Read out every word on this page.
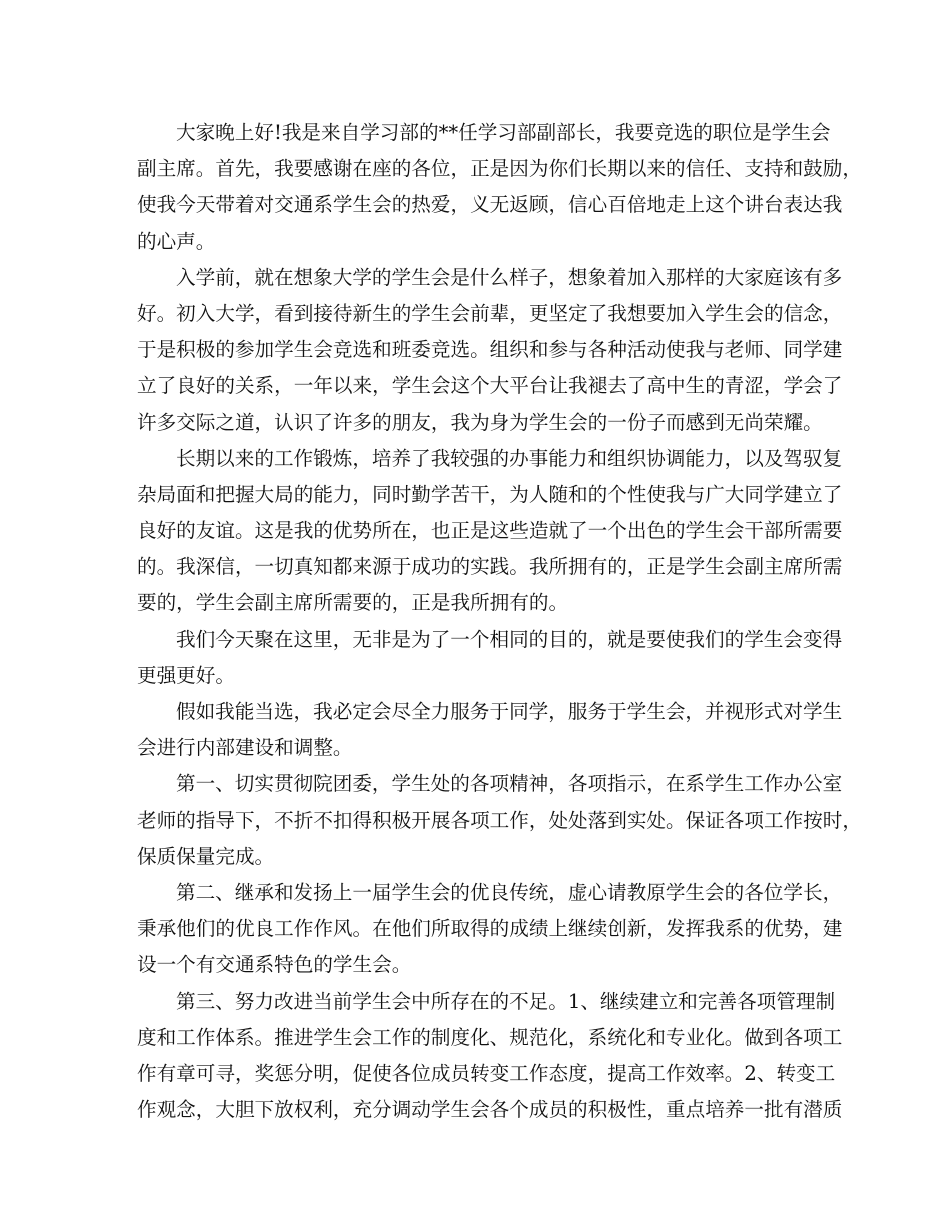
大家晚上好!我是来自学习部的**任学习部副部长，我要竞选的职位是学生会
副主席。首先，我要感谢在座的各位，正是因为你们长期以来的信任、支持和鼓励，
使我今天带着对交通系学生会的热爱，义无返顾，信心百倍地走上这个讲台表达我
的心声。
入学前，就在想象大学的学生会是什么样子，想象着加入那样的大家庭该有多
好。初入大学，看到接待新生的学生会前辈，更坚定了我想要加入学生会的信念，
于是积极的参加学生会竞选和班委竞选。组织和参与各种活动使我与老师、同学建
立了良好的关系，一年以来，学生会这个大平台让我褪去了高中生的青涩，学会了
许多交际之道，认识了许多的朋友，我为身为学生会的一份子而感到无尚荣耀。
长期以来的工作锻炼，培养了我较强的办事能力和组织协调能力，以及驾驭复
杂局面和把握大局的能力，同时勤学苦干，为人随和的个性使我与广大同学建立了
良好的友谊。这是我的优势所在，也正是这些造就了一个出色的学生会干部所需要
的。我深信，一切真知都来源于成功的实践。我所拥有的，正是学生会副主席所需
要的，学生会副主席所需要的，正是我所拥有的。
我们今天聚在这里，无非是为了一个相同的目的，就是要使我们的学生会变得
更强更好。
假如我能当选，我必定会尽全力服务于同学，服务于学生会，并视形式对学生
会进行内部建设和调整。
第一、切实贯彻院团委，学生处的各项精神，各项指示，在系学生工作办公室
老师的指导下，不折不扣得积极开展各项工作，处处落到实处。保证各项工作按时，
保质保量完成。
第二、继承和发扬上一届学生会的优良传统，虚心请教原学生会的各位学长，
秉承他们的优良工作作风。在他们所取得的成绩上继续创新，发挥我系的优势，建
设一个有交通系特色的学生会。
第三、努力改进当前学生会中所存在的不足。1、继续建立和完善各项管理制
度和工作体系。推进学生会工作的制度化、规范化，系统化和专业化。做到各项工
作有章可寻，奖惩分明，促使各位成员转变工作态度，提高工作效率。2、转变工
作观念，大胆下放权利，充分调动学生会各个成员的积极性，重点培养一批有潜质
